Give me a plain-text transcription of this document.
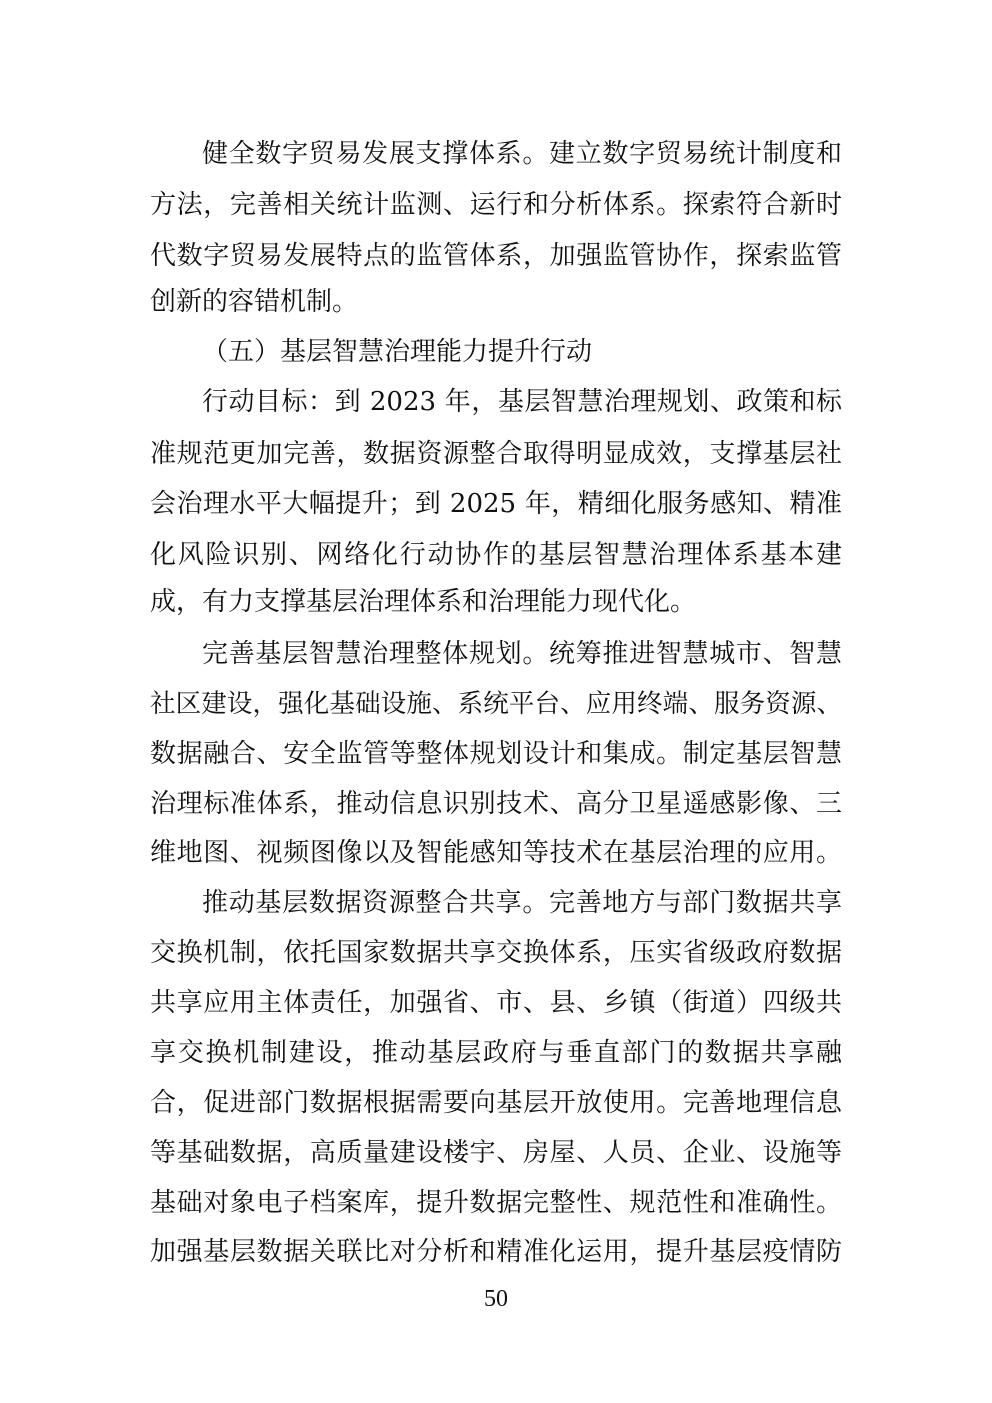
健全数字贸易发展支撑体系。建立数字贸易统计制度和
方法，完善相关统计监测、运行和分析体系。探索符合新时
代数字贸易发展特点的监管体系，加强监管协作，探索监管
创新的容错机制。
（五）基层智慧治理能力提升行动
行动目标：到 2023 年，基层智慧治理规划、政策和标
准规范更加完善，数据资源整合取得明显成效，支撑基层社
会治理水平大幅提升；到 2025 年，精细化服务感知、精准
化风险识别、网络化行动协作的基层智慧治理体系基本建
成，有力支撑基层治理体系和治理能力现代化。
完善基层智慧治理整体规划。统筹推进智慧城市、智慧
社区建设，强化基础设施、系统平台、应用终端、服务资源、
数据融合、安全监管等整体规划设计和集成。制定基层智慧
治理标准体系，推动信息识别技术、高分卫星遥感影像、三
维地图、视频图像以及智能感知等技术在基层治理的应用。
推动基层数据资源整合共享。完善地方与部门数据共享
交换机制，依托国家数据共享交换体系，压实省级政府数据
共享应用主体责任，加强省、市、县、乡镇（街道）四级共
享交换机制建设，推动基层政府与垂直部门的数据共享融
合，促进部门数据根据需要向基层开放使用。完善地理信息
等基础数据，高质量建设楼宇、房屋、人员、企业、设施等
基础对象电子档案库，提升数据完整性、规范性和准确性。
加强基层数据关联比对分析和精准化运用，提升基层疫情防
50
